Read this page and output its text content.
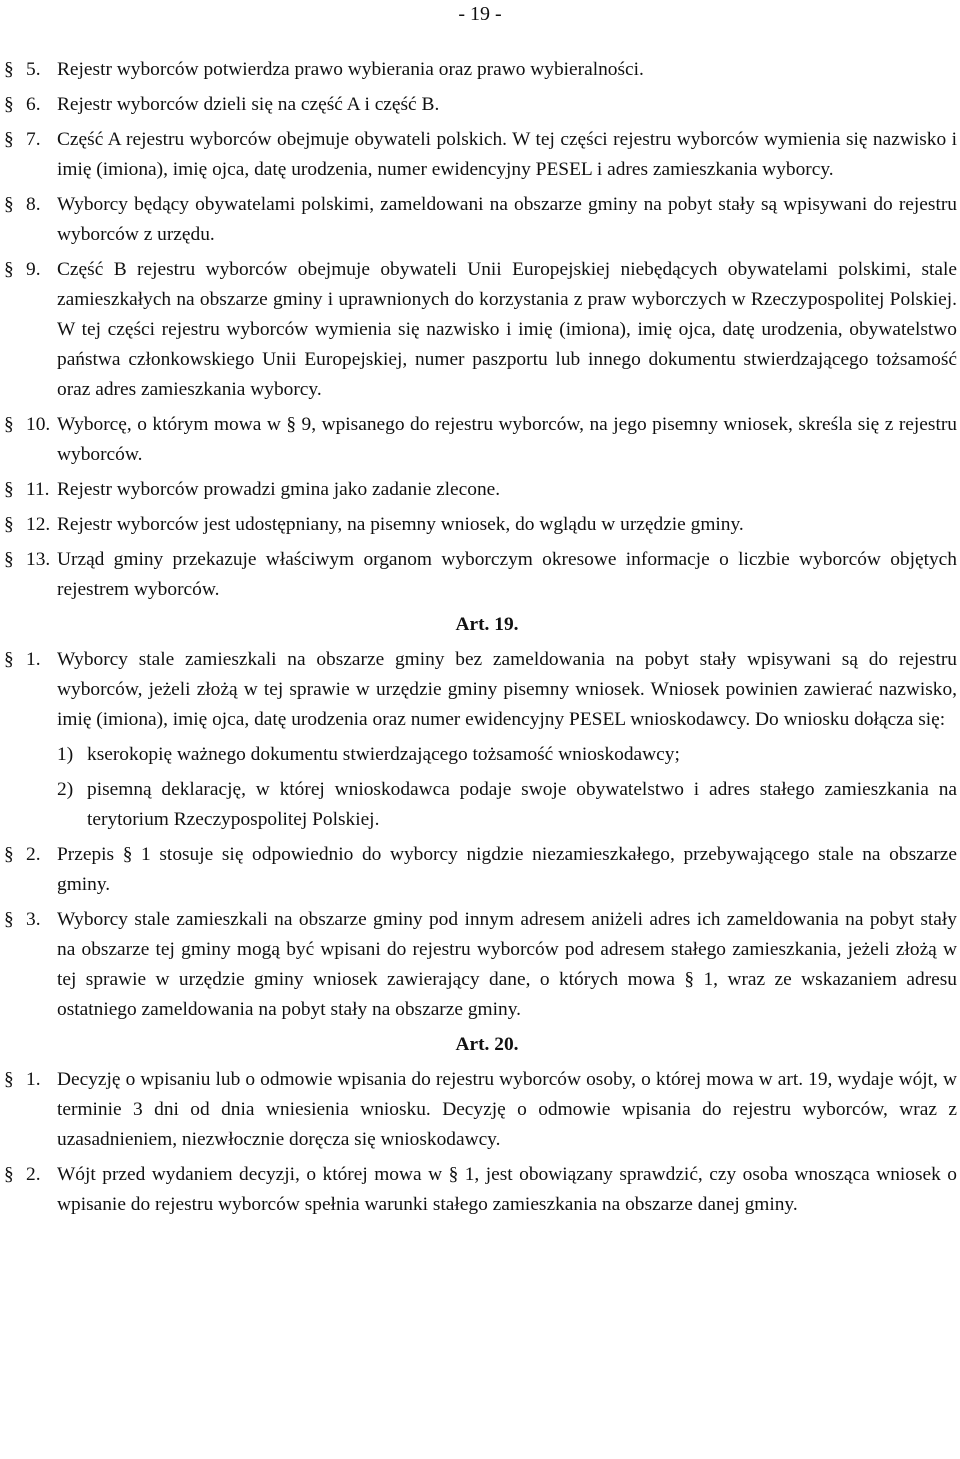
- 19 -
§ 5. Rejestr wyborców potwierdza prawo wybierania oraz prawo wybieralności.
§ 6. Rejestr wyborców dzieli się na część A i część B.
§ 7. Część A rejestru wyborców obejmuje obywateli polskich. W tej części rejestru wyborców wymienia się nazwisko i imię (imiona), imię ojca, datę urodzenia, numer ewidencyjny PESEL i adres zamieszkania wyborcy.
§ 8. Wyborcy będący obywatelami polskimi, zameldowani na obszarze gminy na pobyt stały są wpisywani do rejestru wyborców z urzędu.
§ 9. Część B rejestru wyborców obejmuje obywateli Unii Europejskiej niebędących obywatelami polskimi, stale zamieszkałych na obszarze gminy i uprawnionych do korzystania z praw wyborczych w Rzeczypospolitej Polskiej. W tej części rejestru wyborców wymienia się nazwisko i imię (imiona), imię ojca, datę urodzenia, obywatelstwo państwa członkowskiego Unii Europejskiej, numer paszportu lub innego dokumentu stwierdzającego tożsamość oraz adres zamieszkania wyborcy.
§ 10. Wyborcę, o którym mowa w § 9, wpisanego do rejestru wyborców, na jego pisemny wniosek, skreśla się z rejestru wyborców.
§ 11. Rejestr wyborców prowadzi gmina jako zadanie zlecone.
§ 12. Rejestr wyborców jest udostępniany, na pisemny wniosek, do wglądu w urzędzie gminy.
§ 13. Urząd gminy przekazuje właściwym organom wyborczym okresowe informacje o liczbie wyborców objętych rejestrem wyborców.
Art. 19.
§ 1. Wyborcy stale zamieszkali na obszarze gminy bez zameldowania na pobyt stały wpisywani są do rejestru wyborców, jeżeli złożą w tej sprawie w urzędzie gminy pisemny wniosek. Wniosek powinien zawierać nazwisko, imię (imiona), imię ojca, datę urodzenia oraz numer ewidencyjny PESEL wnioskodawcy. Do wniosku dołącza się:
1) kserokopię ważnego dokumentu stwierdzającego tożsamość wnioskodawcy;
2) pisemną deklarację, w której wnioskodawca podaje swoje obywatelstwo i adres stałego zamieszkania na terytorium Rzeczypospolitej Polskiej.
§ 2. Przepis § 1 stosuje się odpowiednio do wyborcy nigdzie niezamieszkałego, przebywającego stale na obszarze gminy.
§ 3. Wyborcy stale zamieszkali na obszarze gminy pod innym adresem aniżeli adres ich zameldowania na pobyt stały na obszarze tej gminy mogą być wpisani do rejestru wyborców pod adresem stałego zamieszkania, jeżeli złożą w tej sprawie w urzędzie gminy wniosek zawierający dane, o których mowa § 1, wraz ze wskazaniem adresu ostatniego zameldowania na pobyt stały na obszarze gminy.
Art. 20.
§ 1. Decyzję o wpisaniu lub o odmowie wpisania do rejestru wyborców osoby, o której mowa w art. 19, wydaje wójt, w terminie 3 dni od dnia wniesienia wniosku. Decyzję o odmowie wpisania do rejestru wyborców, wraz z uzasadnieniem, niezwłocznie doręcza się wnioskodawcy.
§ 2. Wójt przed wydaniem decyzji, o której mowa w § 1, jest obowiązany sprawdzić, czy osoba wnosząca wniosek o wpisanie do rejestru wyborców spełnia warunki stałego zamieszkania na obszarze danej gminy.
